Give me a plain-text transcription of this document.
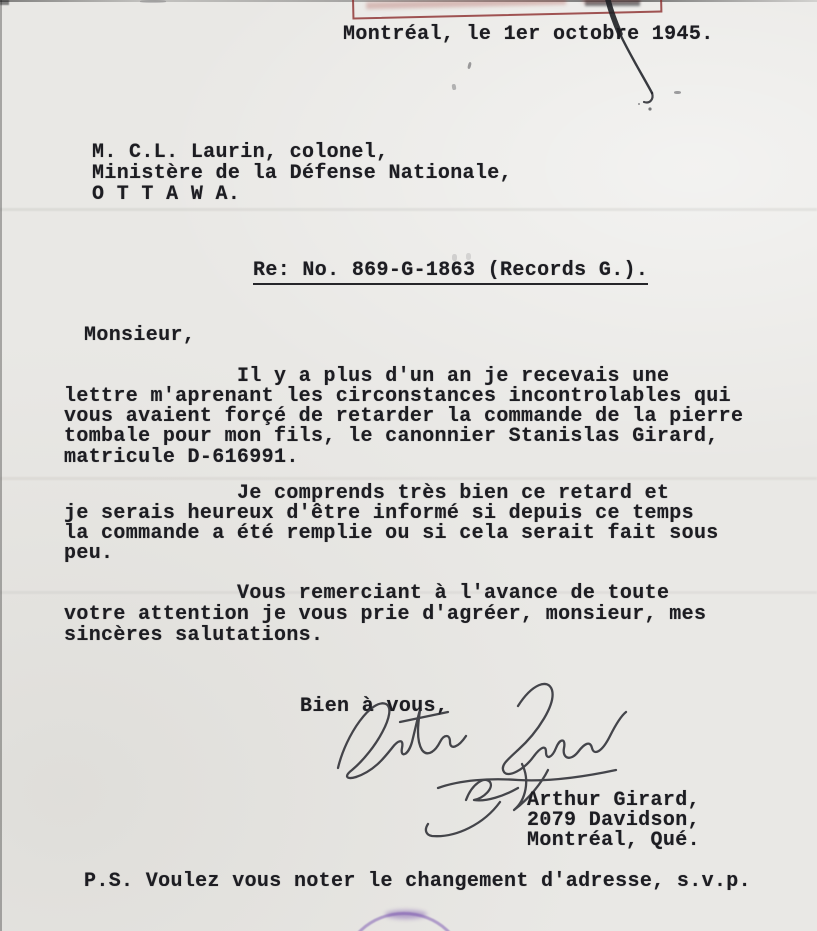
Montréal, le 1er octobre 1945.
M. C.L. Laurin, colonel,
Ministère de la Défense Nationale,
O T T A W A.
Re: No. 869-G-1863 (Records G.).
Monsieur,
Il y a plus d'un an je recevais une
lettre m'aprenant les circonstances incontrolables qui
vous avaient forçé de retarder la commande de la pierre
tombale pour mon fils, le canonnier Stanislas Girard,
matricule D-616991.
Je comprends très bien ce retard et
je serais heureux d'être informé si depuis ce temps
la commande a été remplie ou si cela serait fait sous
peu.
Vous remerciant à l'avance de toute
votre attention je vous prie d'agréer, monsieur, mes
sincères salutations.
Bien à vous,
Arthur Girard,
2079 Davidson,
Montréal, Qué.
P.S. Voulez vous noter le changement d'adresse, s.v.p.
